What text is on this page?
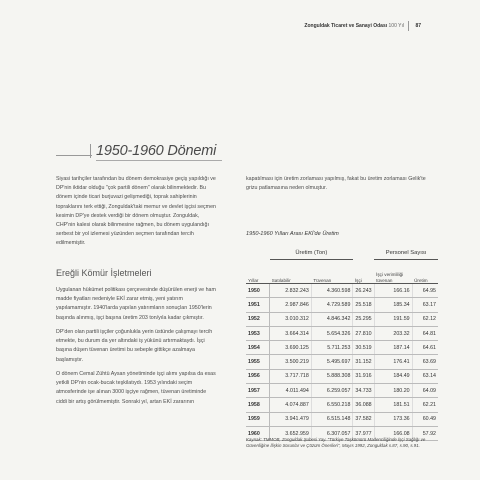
Zonguldak Ticaret ve Sanayi Odası 100 Yıl 87
1950-1960 Dönemi
Siyasi tarihçiler tarafından bu dönem demokrasiye geçiş yapıldığı ve DP'nin iktidar olduğu "çok partili dönem" olarak bilinmektedir. Bu dönem içinde ticari burjuvazi gelişmediği, toprak sahiplerinin topraklarını terk ettiği, Zonguldak'taki memur ve devlet işçisi seçmen kesimin DP'ye destek verdiği bir dönem olmuştur. Zonguldak, CHP'nin kalesi olarak bilinmesine rağmen, bu dönem uygulandığı serbest bir yol izlemesi yüzünden seçmen tarafından tercih edilmemiştir.
Ereğli Kömür İşletmeleri
Uygulanan hükümet politikası çerçevesinde düşürülen enerji ve ham madde fiyatları nedeniyle EKİ zarar etmiş, yeni yatırım yapılamamıştır. 1940'larda yapılan yatırımların sonuçları 1950'lerin başında alınmış, işçi başına üretim 203 ton/yıla kadar çıkmıştır.
DP'den olan partili işçiler çoğunlukla yerin üstünde çalışmayı tercih etmekte, bu durum da yer altındaki iş yükünü artırmaktaydı. İşçi başına düşen tüvenan üretimi bu sebeple gittikçe azalmaya başlamıştır.
O dönem Cemal Zühtü Aysan yönetiminde işçi alımı yapılsa da esas yetkili DP'nin ocak-bucak teşkilatıydı. 1953 yılındaki seçim atmosferinde işe alınan 3000 işçiye rağmen, tüvenan üretiminde ciddi bir artış görülmemiştir. Sonraki yıl, artan EKİ zararının
kapatılması için üretim zorlaması yapılmış, fakat bu üretim zorlaması Gelik'te grizu patlamasına neden olmuştur.
1950-1960 Yılları Arası EKİ'de Üretim
	Üretim (Ton)			Personel Sayısı	
Yıllar	Satılabilir	Tüvenan	İşçi	İşçi verimliliği tüvenan	Üretim
1950	2.832.243	4.360.598	26.243	166.16	64.95
1951	2.987.846	4.729.589	25.518	185.34	63.17
1952	3.010.312	4.846.342	25.295	191.59	62.12
1953	3.664.314	5.654.326	27.810	203.32	64.81
1954	3.690.125	5.711.253	30.519	187.14	64.61
1955	3.500.219	5.495.697	31.152	176.41	63.69
1956	3.717.718	5.888.308	31.916	184.49	63.14
1957	4.011.494	6.259.057	34.733	180.20	64.09
1958	4.074.887	6.550.218	36.088	181.51	62.21
1959	3.941.479	6.515.148	37.582	173.36	60.49
1960	3.652.959	6.307.057	37.977	166.08	57.92
Kaynak: TMMOB, Zonguldak Şubesi Yay. "Türkiye Taşkömürü Madenciliğinde İşçi Sağlığı ve Güvenliğine İlişkin Sorunlar ve Çözüm Önerileri", Mayıs 1992, Zonguldak s.87, s.90, s.91.
